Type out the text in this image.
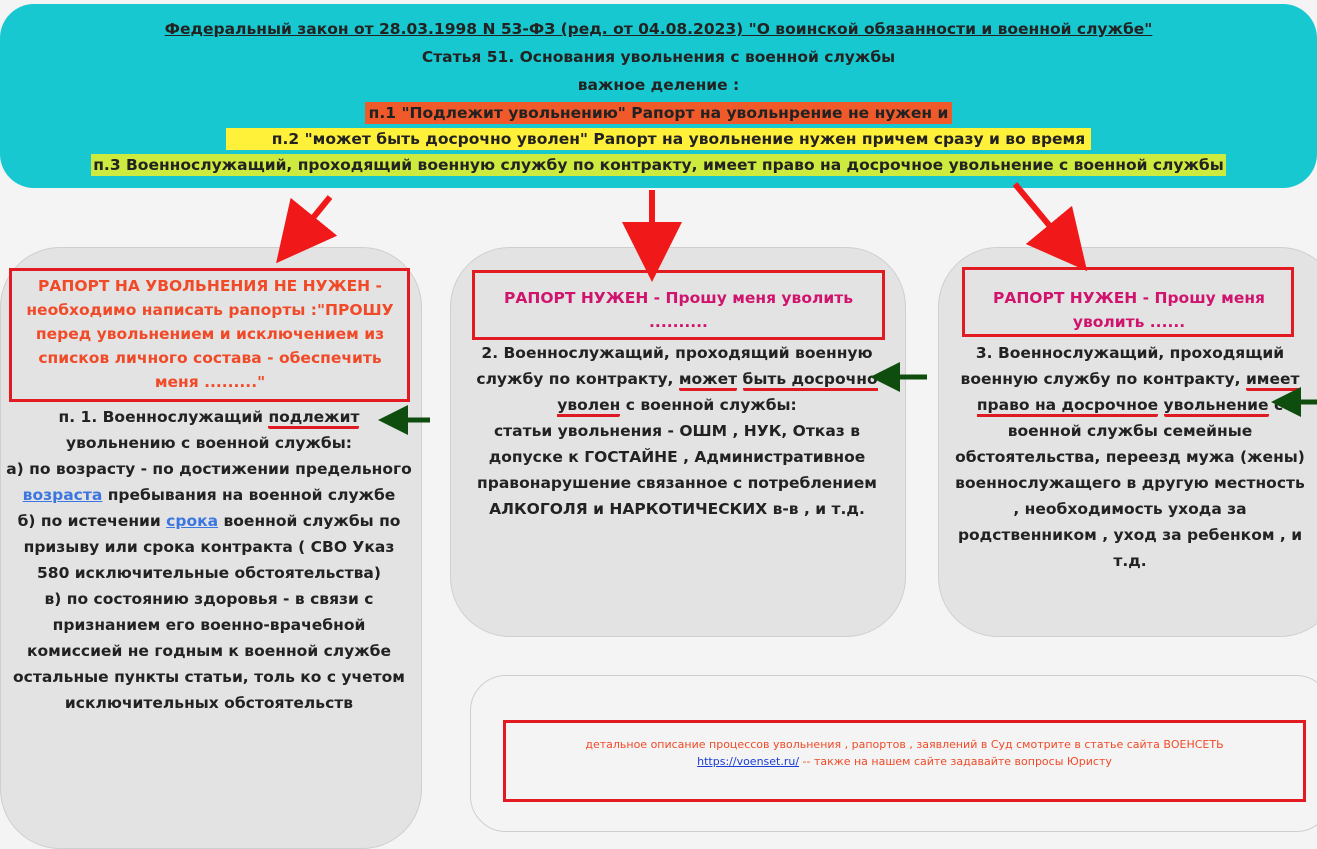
Федеральный закон от 28.03.1998 N 53-ФЗ (ред. от 04.08.2023) "О воинской обязанности и военной службе"
Статья 51. Основания увольнения с военной службы
важное деление :
п.1 "Подлежит увольнению" Рапорт на увольнрение не нужен и
п.2 "может быть досрочно уволен" Рапорт на увольнение нужен причем сразу и во время
п.3 Военнослужащий, проходящий военную службу по контракту, имеет право на досрочное увольнение с военной службы
РАПОРТ НА УВОЛЬНЕНИЯ НЕ НУЖЕН - необходимо написать рапорты :"ПРОШУ перед увольнением и исключением из списков личного состава - обеспечить меня ........."
РАПОРТ НУЖЕН - Прошу меня уволить ..........
РАПОРТ НУЖЕН - Прошу меня уволить ......

п. 1. Военнослужащий подлежит

увольнению с военной службы:

а) по возрасту - по достижении предельного возраста пребывания на военной службе

б) по истечении срока военной службы по призыву или срока контракта ( СВО Указ 580 исключительные обстоятельства)

в) по состоянию здоровья - в связи с признанием его военно-врачебной комиссией не годным к военной службе

остальные пункты статьи, толь ко с учетом исключительных обстоятельств

2. Военнослужащий, проходящий военную службу по контракту, может быть досрочно уволен с военной службы:

статьи увольнения - ОШМ , НУК, Отказ в допуске к ГОСТАЙНЕ , Административное правонарушение связанное с потреблением АЛКОГОЛЯ и НАРКОТИЧЕСКИХ в-в , и т.д.

3. Военнослужащий, проходящий военную службу по контракту, имеет право на досрочное увольнение с военной службы семейные обстоятельства, переезд мужа (жены) военнослужащего в другую местность , необходимость ухода за родственником , уход за ребенком , и т.д.

детальное описание процессов увольнения , рапортов , заявлений в Суд смотрите в статье сайта ВОЕНСЕТЬ
https://voenset.ru/ -- также на нашем сайте задавайте вопросы Юристу
